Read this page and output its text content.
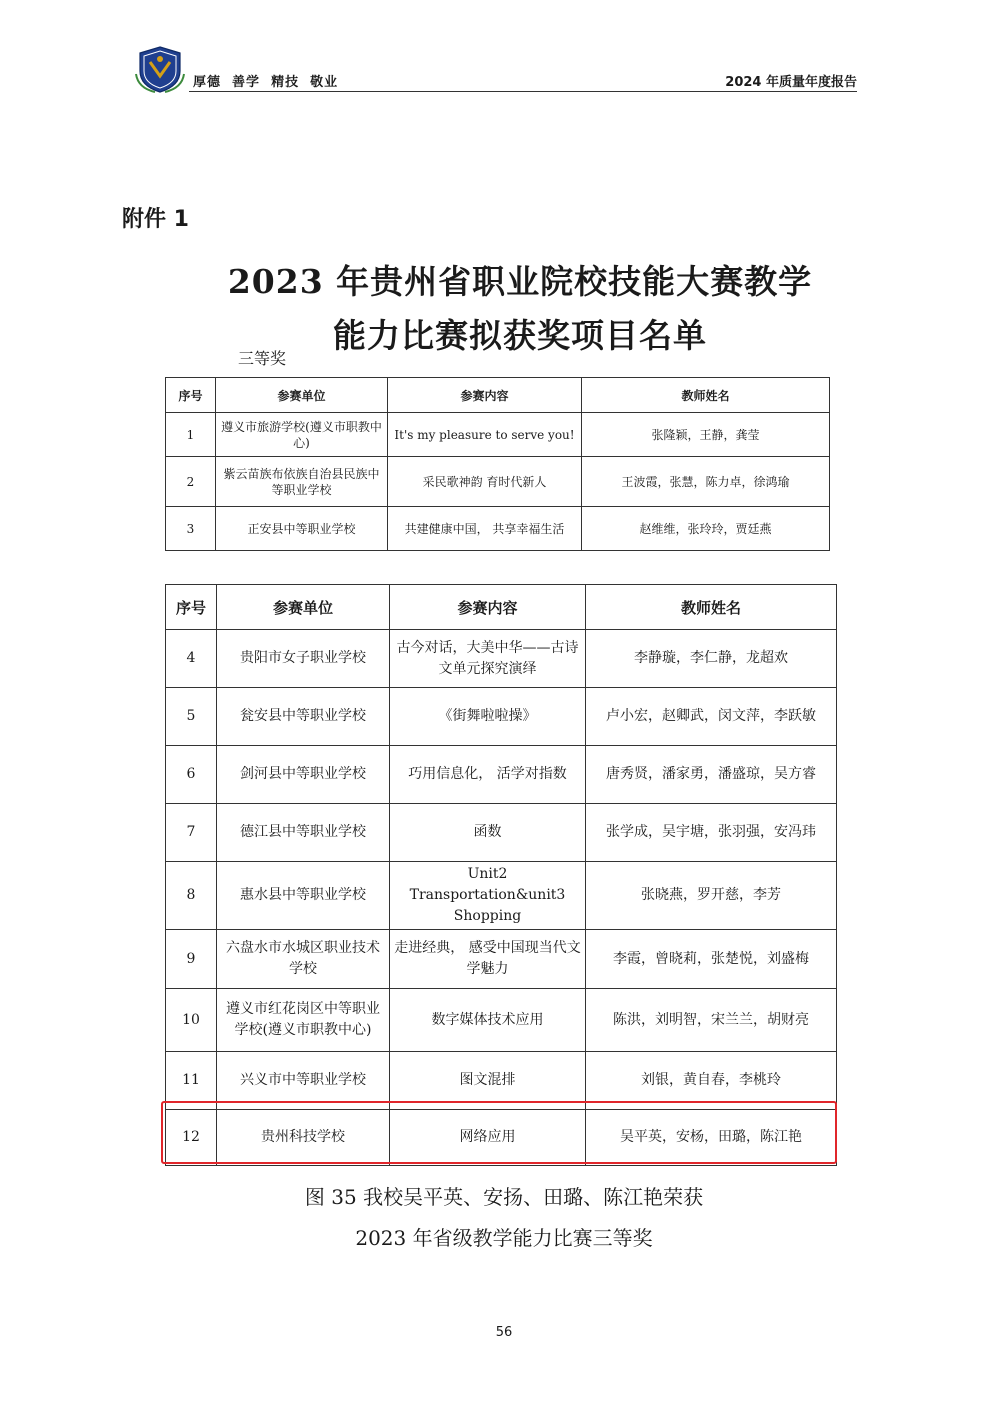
厚德  善学  精技  敬业	2024 年质量年度报告
附件 1
2023 年贵州省职业院校技能大赛教学
能力比赛拟获奖项目名单
三等奖
序号	参赛单位	参赛内容	教师姓名
1	遵义市旅游学校(遵义市职教中心)	It's my pleasure to serve you!	张隆颖，王静，龚莹
2	紫云苗族布依族自治县民族中等职业学校	采民歌神韵 育时代新人	王波霞，张慧，陈力卓，徐鸿瑜
3	正安县中等职业学校	共建健康中国， 共享幸福生活	赵维维，张玲玲，贾廷燕
序号	参赛单位	参赛内容	教师姓名
4	贵阳市女子职业学校	古今对话，大美中华——古诗文单元探究演绎	李静璇，李仁静，龙超欢
5	瓮安县中等职业学校	《街舞啦啦操》	卢小宏，赵卿武，闵文萍，李跃敏
6	剑河县中等职业学校	巧用信息化， 活学对指数	唐秀贤，潘家勇，潘盛琼，吴方睿
7	德江县中等职业学校	函数	张学成，吴宇塘，张羽强，安冯玮
8	惠水县中等职业学校	Unit2 Transportation&unit3 Shopping	张晓燕，罗开慈，李芳
9	六盘水市水城区职业技术学校	走进经典， 感受中国现当代文学魅力	李霞，曾晓莉，张楚悦，刘盛梅
10	遵义市红花岗区中等职业学校(遵义市职教中心)	数字媒体技术应用	陈洪，刘明智，宋兰兰，胡财亮
11	兴义市中等职业学校	图文混排	刘银，黄自春，李桃玲
12	贵州科技学校	网络应用	吴平英，安杨，田璐，陈江艳
图 35 我校吴平英、安扬、田璐、陈江艳荣获
2023 年省级教学能力比赛三等奖
56
